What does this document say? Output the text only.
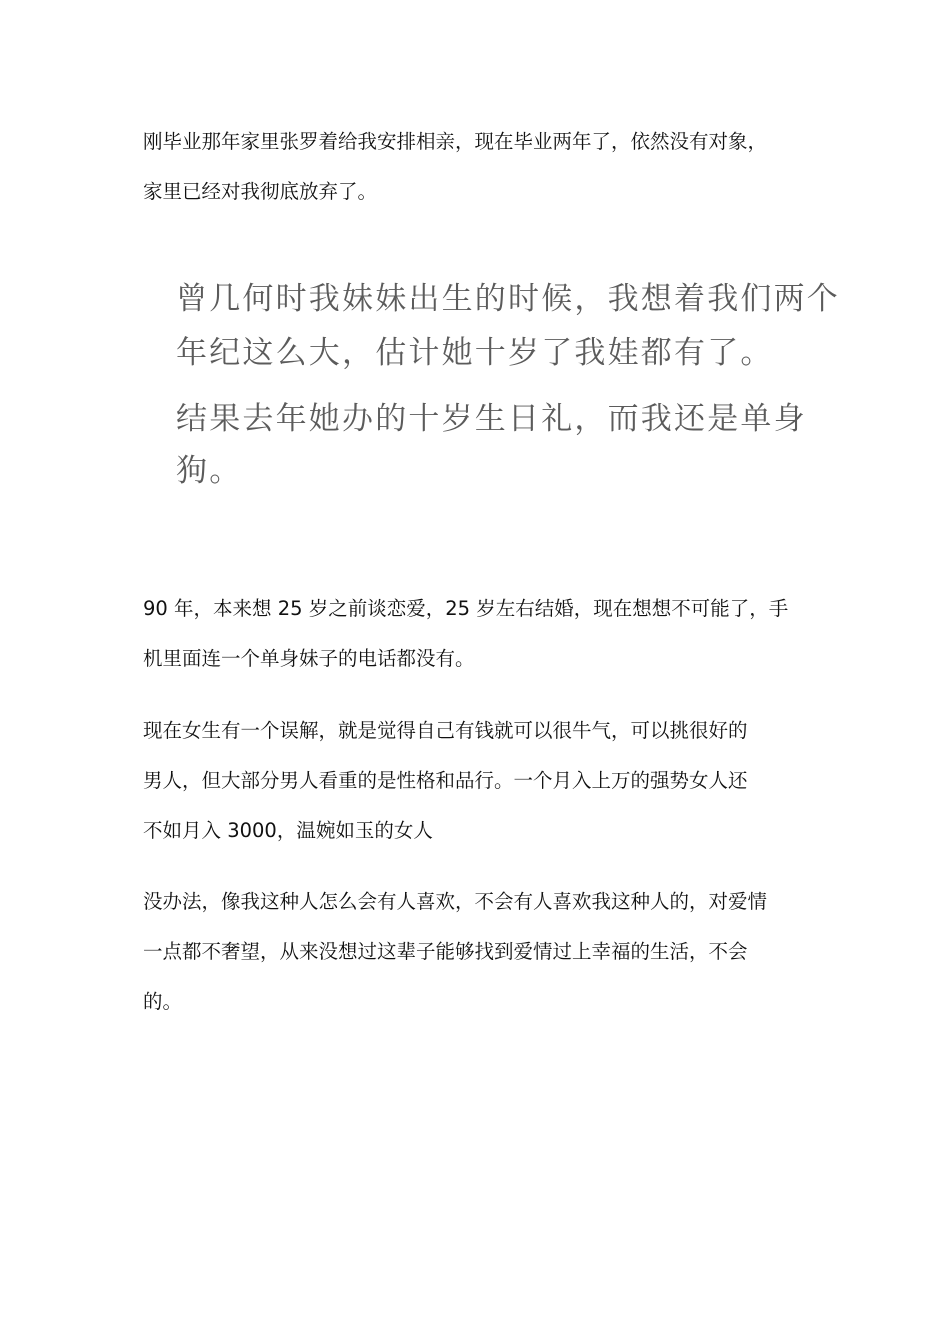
刚毕业那年家里张罗着给我安排相亲，现在毕业两年了，依然没有对象，
家里已经对我彻底放弃了。

曾几何时我妹妹出生的时候，我想着我们两个
年纪这么大，估计她十岁了我娃都有了。
结果去年她办的十岁生日礼，而我还是单身
狗。

90 年，本来想 25 岁之前谈恋爱，25 岁左右结婚，现在想想不可能了，手
机里面连一个单身妹子的电话都没有。

现在女生有一个误解，就是觉得自己有钱就可以很牛气，可以挑很好的
男人，但大部分男人看重的是性格和品行。一个月入上万的强势女人还
不如月入 3000，温婉如玉的女人

没办法，像我这种人怎么会有人喜欢，不会有人喜欢我这种人的，对爱情
一点都不奢望，从来没想过这辈子能够找到爱情过上幸福的生活，不会
的。
